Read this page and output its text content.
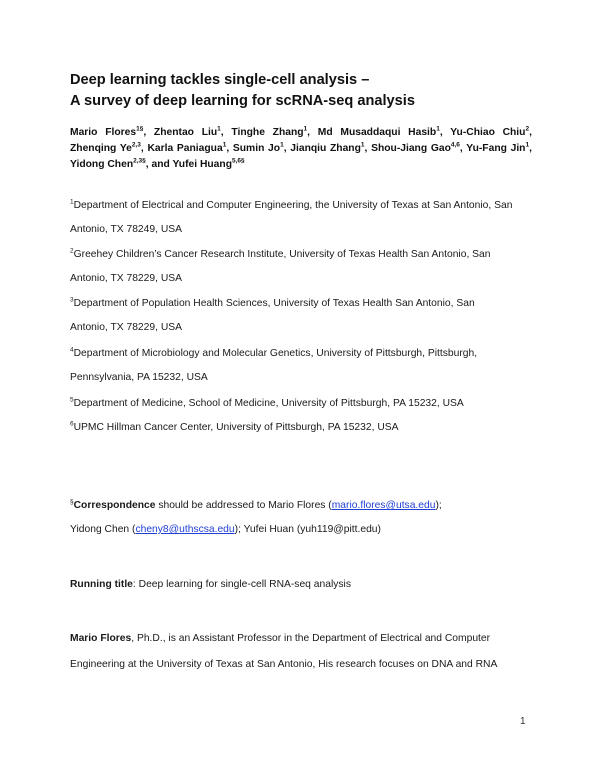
Deep learning tackles single-cell analysis –
A survey of deep learning for scRNA-seq analysis
Mario Flores$^{1\S}$, Zhentao Liu$^1$, Tinghe Zhang$^1$, Md Musaddaqui Hasib$^1$, Yu-Chiao Chiu$^2$, Zhenqing Ye$^{2,3}$, Karla Paniagua$^1$, Sumin Jo$^1$, Jianqiu Zhang$^1$, Shou-Jiang Gao$^{4,6}$, Yu-Fang Jin$^1$, Yidong Chen$^{2,3\S}$, and Yufei Huang$^{5,6\S}$
$^1$Department of Electrical and Computer Engineering, the University of Texas at San Antonio, San
Antonio, TX 78249, USA
$^2$Greehey Children’s Cancer Research Institute, University of Texas Health San Antonio, San
Antonio, TX 78229, USA
$^3$Department of Population Health Sciences, University of Texas Health San Antonio, San
Antonio, TX 78229, USA
$^4$Department of Microbiology and Molecular Genetics, University of Pittsburgh, Pittsburgh,
Pennsylvania, PA 15232, USA
$^5$Department of Medicine, School of Medicine, University of Pittsburgh, PA 15232, USA
$^6$UPMC Hillman Cancer Center, University of Pittsburgh, PA 15232, USA
§Correspondence should be addressed to Mario Flores (mario.flores@utsa.edu);
Yidong Chen (cheny8@uthscsa.edu); Yufei Huan (yuh119@pitt.edu)
Running title: Deep learning for single-cell RNA-seq analysis
Mario Flores, Ph.D., is an Assistant Professor in the Department of Electrical and Computer
Engineering at the University of Texas at San Antonio, His research focuses on DNA and RNA
1
